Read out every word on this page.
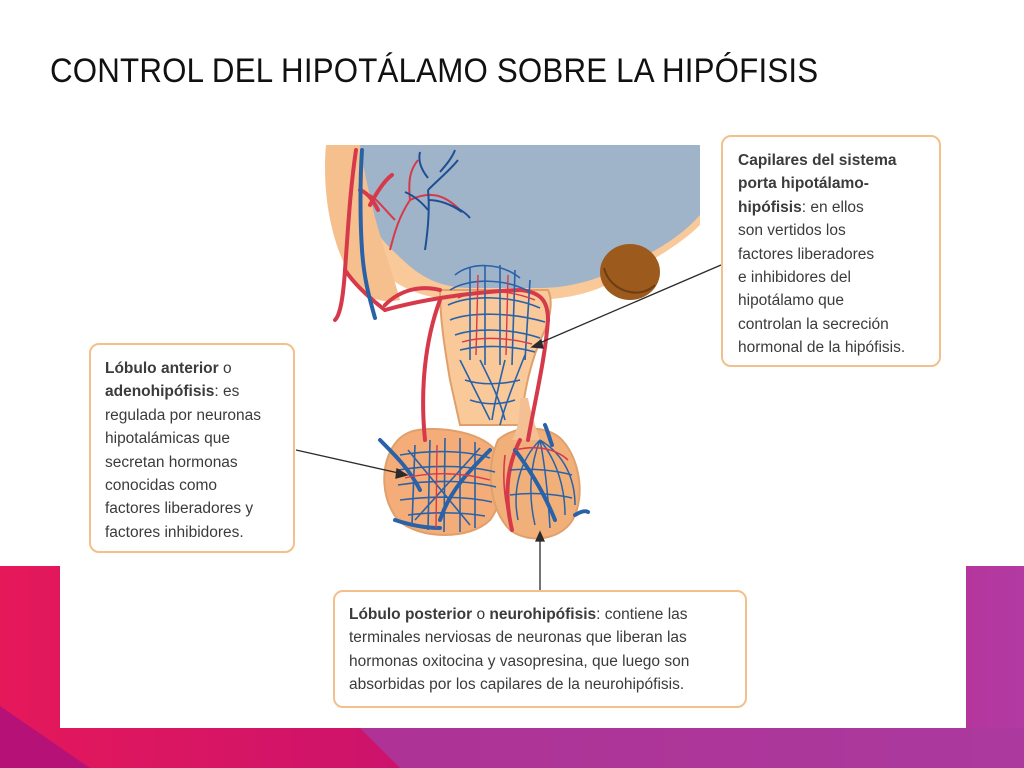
CONTROL DEL HIPOTÁLAMO SOBRE LA HIPÓFISIS
Capilares del sistema
porta hipotálamo-
hipófisis: en ellos
son vertidos los
factores liberadores
e inhibidores del
hipotálamo que
controlan la secreción
hormonal de la hipófisis.
Lóbulo anterior o
adenohipófisis: es
regulada por neuronas
hipotalámicas que
secretan hormonas
conocidas como
factores liberadores y
factores inhibidores.
Lóbulo posterior o neurohipófisis: contiene las
terminales nerviosas de neuronas que liberan las
hormonas oxitocina y vasopresina, que luego son
absorbidas por los capilares de la neurohipófisis.
